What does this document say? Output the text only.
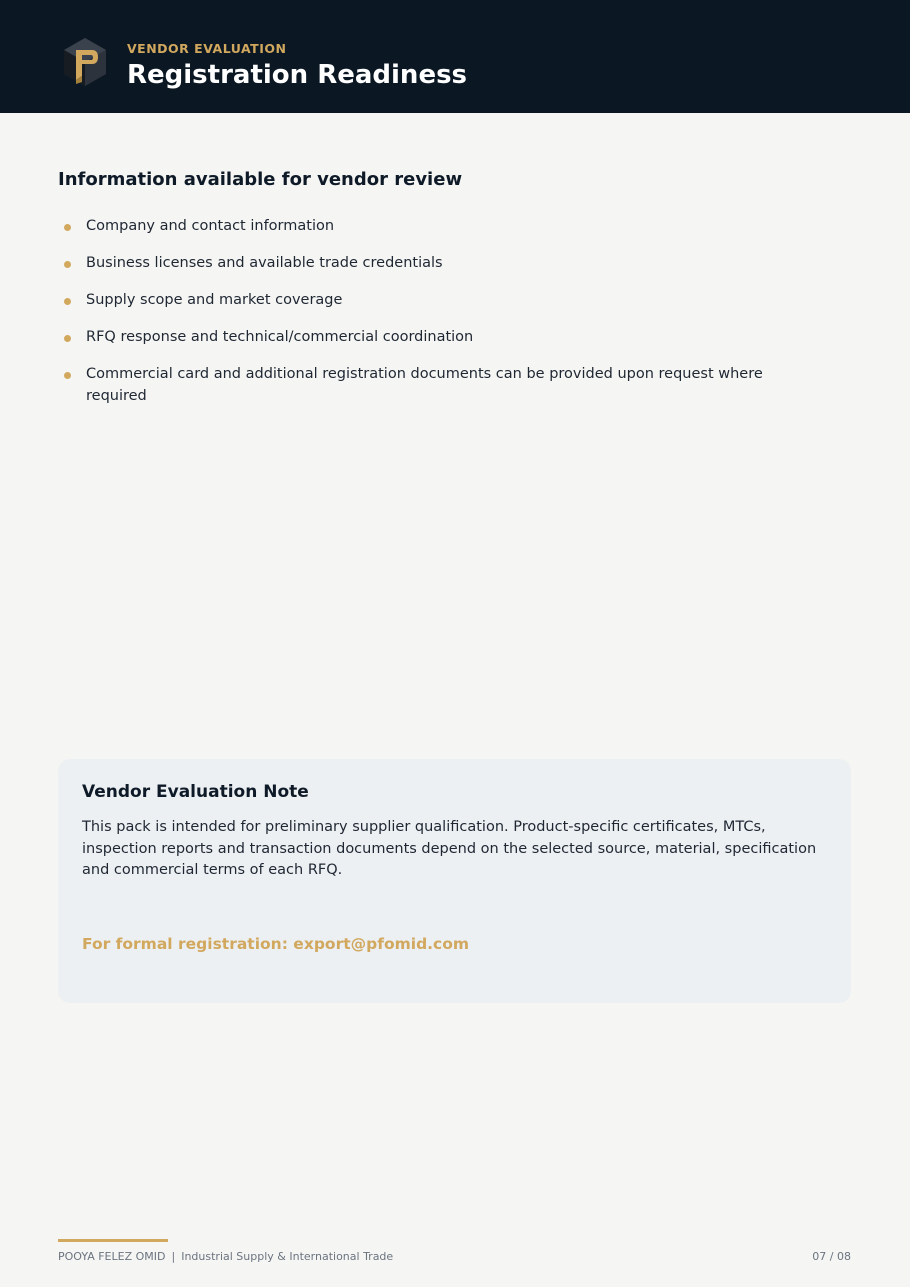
VENDOR EVALUATION
Registration Readiness
Information available for vendor review
Company and contact information
Business licenses and available trade credentials
Supply scope and market coverage
RFQ response and technical/commercial coordination
Commercial card and additional registration documents can be provided upon request where required
Vendor Evaluation Note

This pack is intended for preliminary supplier qualification. Product-specific certificates, MTCs, inspection reports and transaction documents depend on the selected source, material, specification and commercial terms of each RFQ.

For formal registration: export@pfomid.com

POOYA FELEZ OMID | Industrial Supply & International Trade	07 / 08
